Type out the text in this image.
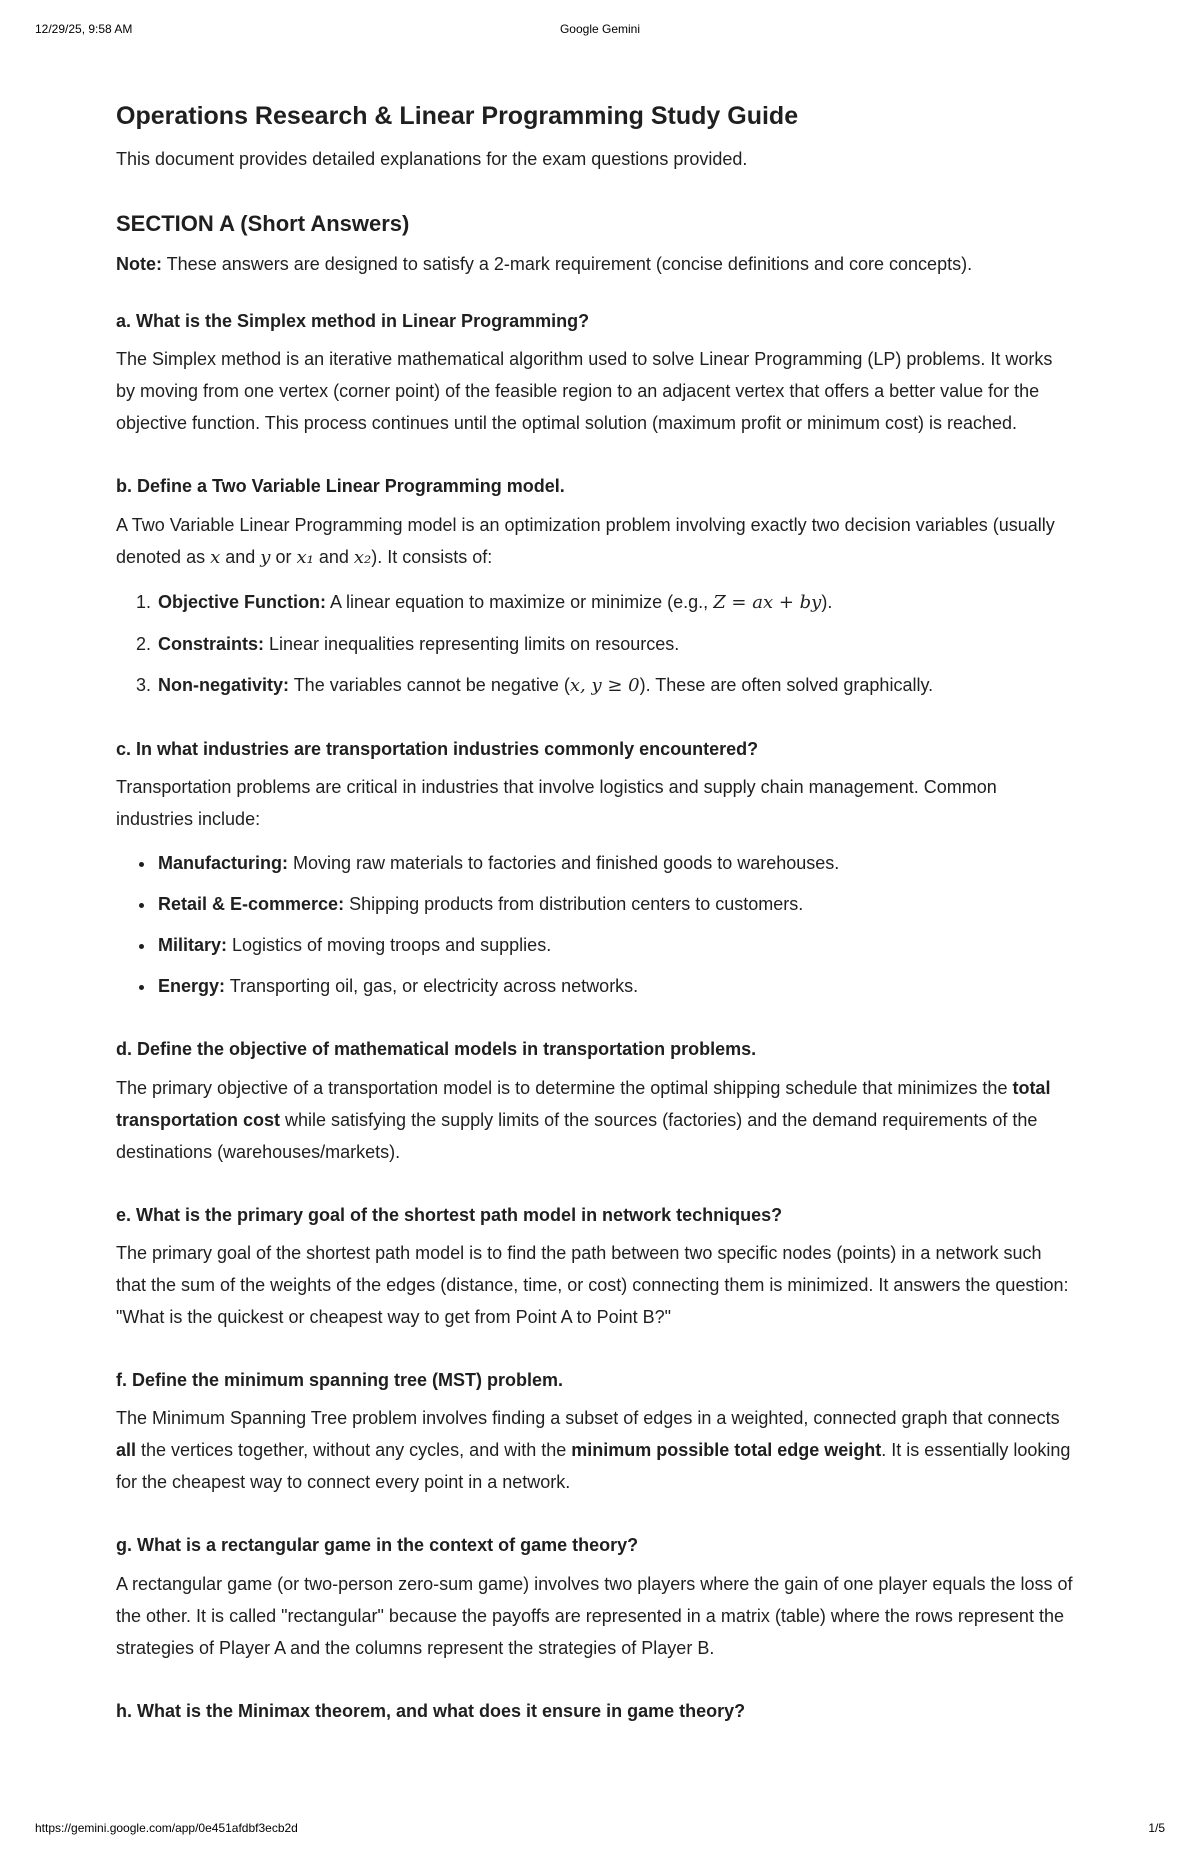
12/29/25, 9:58 AM	Google Gemini
Operations Research & Linear Programming Study Guide

This document provides detailed explanations for the exam questions provided.

SECTION A (Short Answers)

Note: These answers are designed to satisfy a 2-mark requirement (concise definitions and core concepts).

a. What is the Simplex method in Linear Programming?

The Simplex method is an iterative mathematical algorithm used to solve Linear Programming (LP) problems. It works by moving from one vertex (corner point) of the feasible region to an adjacent vertex that offers a better value for the objective function. This process continues until the optimal solution (maximum profit or minimum cost) is reached.

b. Define a Two Variable Linear Programming model.

A Two Variable Linear Programming model is an optimization problem involving exactly two decision variables (usually denoted as x and y or x₁ and x₂). It consists of:

1. Objective Function: A linear equation to maximize or minimize (e.g., Z = ax + by).
2. Constraints: Linear inequalities representing limits on resources.
3. Non-negativity: The variables cannot be negative (x, y ≥ 0). These are often solved graphically.
c. In what industries are transportation industries commonly encountered?

Transportation problems are critical in industries that involve logistics and supply chain management. Common industries include:

• Manufacturing: Moving raw materials to factories and finished goods to warehouses.
• Retail & E-commerce: Shipping products from distribution centers to customers.
• Military: Logistics of moving troops and supplies.
• Energy: Transporting oil, gas, or electricity across networks.
d. Define the objective of mathematical models in transportation problems.

The primary objective of a transportation model is to determine the optimal shipping schedule that minimizes the total transportation cost while satisfying the supply limits of the sources (factories) and the demand requirements of the destinations (warehouses/markets).

e. What is the primary goal of the shortest path model in network techniques?

The primary goal of the shortest path model is to find the path between two specific nodes (points) in a network such that the sum of the weights of the edges (distance, time, or cost) connecting them is minimized. It answers the question: "What is the quickest or cheapest way to get from Point A to Point B?"

f. Define the minimum spanning tree (MST) problem.

The Minimum Spanning Tree problem involves finding a subset of edges in a weighted, connected graph that connects all the vertices together, without any cycles, and with the minimum possible total edge weight. It is essentially looking for the cheapest way to connect every point in a network.

g. What is a rectangular game in the context of game theory?

A rectangular game (or two-person zero-sum game) involves two players where the gain of one player equals the loss of the other. It is called "rectangular" because the payoffs are represented in a matrix (table) where the rows represent the strategies of Player A and the columns represent the strategies of Player B.

h. What is the Minimax theorem, and what does it ensure in game theory?
https://gemini.google.com/app/0e451afdbf3ecb2d	1/5
